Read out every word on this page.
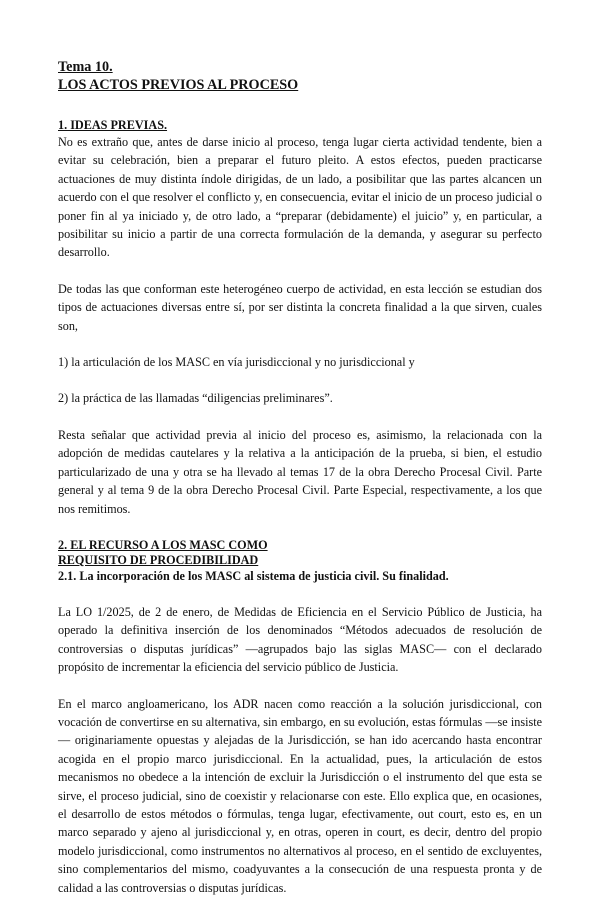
Tema 10.
LOS ACTOS PREVIOS AL PROCESO
1. IDEAS PREVIAS.

No es extraño que, antes de darse inicio al proceso, tenga lugar cierta actividad tendente, bien a evitar su celebración, bien a preparar el futuro pleito. A estos efectos, pueden practicarse actuaciones de muy distinta índole dirigidas, de un lado, a posibilitar que las partes alcancen un acuerdo con el que resolver el conflicto y, en consecuencia, evitar el inicio de un proceso judicial o poner fin al ya iniciado y, de otro lado, a “preparar (debidamente) el juicio” y, en particular, a posibilitar su inicio a partir de una correcta formulación de la demanda, y asegurar su perfecto desarrollo.

De todas las que conforman este heterogéneo cuerpo de actividad, en esta lección se estudian dos tipos de actuaciones diversas entre sí, por ser distinta la concreta finalidad a la que sirven, cuales son,

1) la articulación de los MASC en vía jurisdiccional y no jurisdiccional y

2) la práctica de las llamadas “diligencias preliminares”.

Resta señalar que actividad previa al inicio del proceso es, asimismo, la relacionada con la adopción de medidas cautelares y la relativa a la anticipación de la prueba, si bien, el estudio particularizado de una y otra se ha llevado al temas 17 de la obra Derecho Procesal Civil. Parte general y al tema 9 de la obra Derecho Procesal Civil. Parte Especial, respectivamente, a los que nos remitimos.

2. EL RECURSO A LOS MASC COMO
REQUISITO DE PROCEDIBILIDAD
2.1. La incorporación de los MASC al sistema de justicia civil. Su finalidad.

La LO 1/2025, de 2 de enero, de Medidas de Eficiencia en el Servicio Público de Justicia, ha operado la definitiva inserción de los denominados “Métodos adecuados de resolución de controversias o disputas jurídicas” —agrupados bajo las siglas MASC— con el declarado propósito de incrementar la eficiencia del servicio público de Justicia.

En el marco angloamericano, los ADR nacen como reacción a la solución jurisdiccional, con vocación de convertirse en su alternativa, sin embargo, en su evolución, estas fórmulas —se insiste— originariamente opuestas y alejadas de la Jurisdicción, se han ido acercando hasta encontrar acogida en el propio marco jurisdiccional. En la actualidad, pues, la articulación de estos mecanismos no obedece a la intención de excluir la Jurisdicción o el instrumento del que esta se sirve, el proceso judicial, sino de coexistir y relacionarse con este. Ello explica que, en ocasiones, el desarrollo de estos métodos o fórmulas, tenga lugar, efectivamente, out court, esto es, en un marco separado y ajeno al jurisdiccional y, en otras, operen in court, es decir, dentro del propio modelo jurisdiccional, como instrumentos no alternativos al proceso, en el sentido de excluyentes, sino complementarios del mismo, coadyuvantes a la consecución de una respuesta pronta y de calidad a las controversias o disputas jurídicas.
